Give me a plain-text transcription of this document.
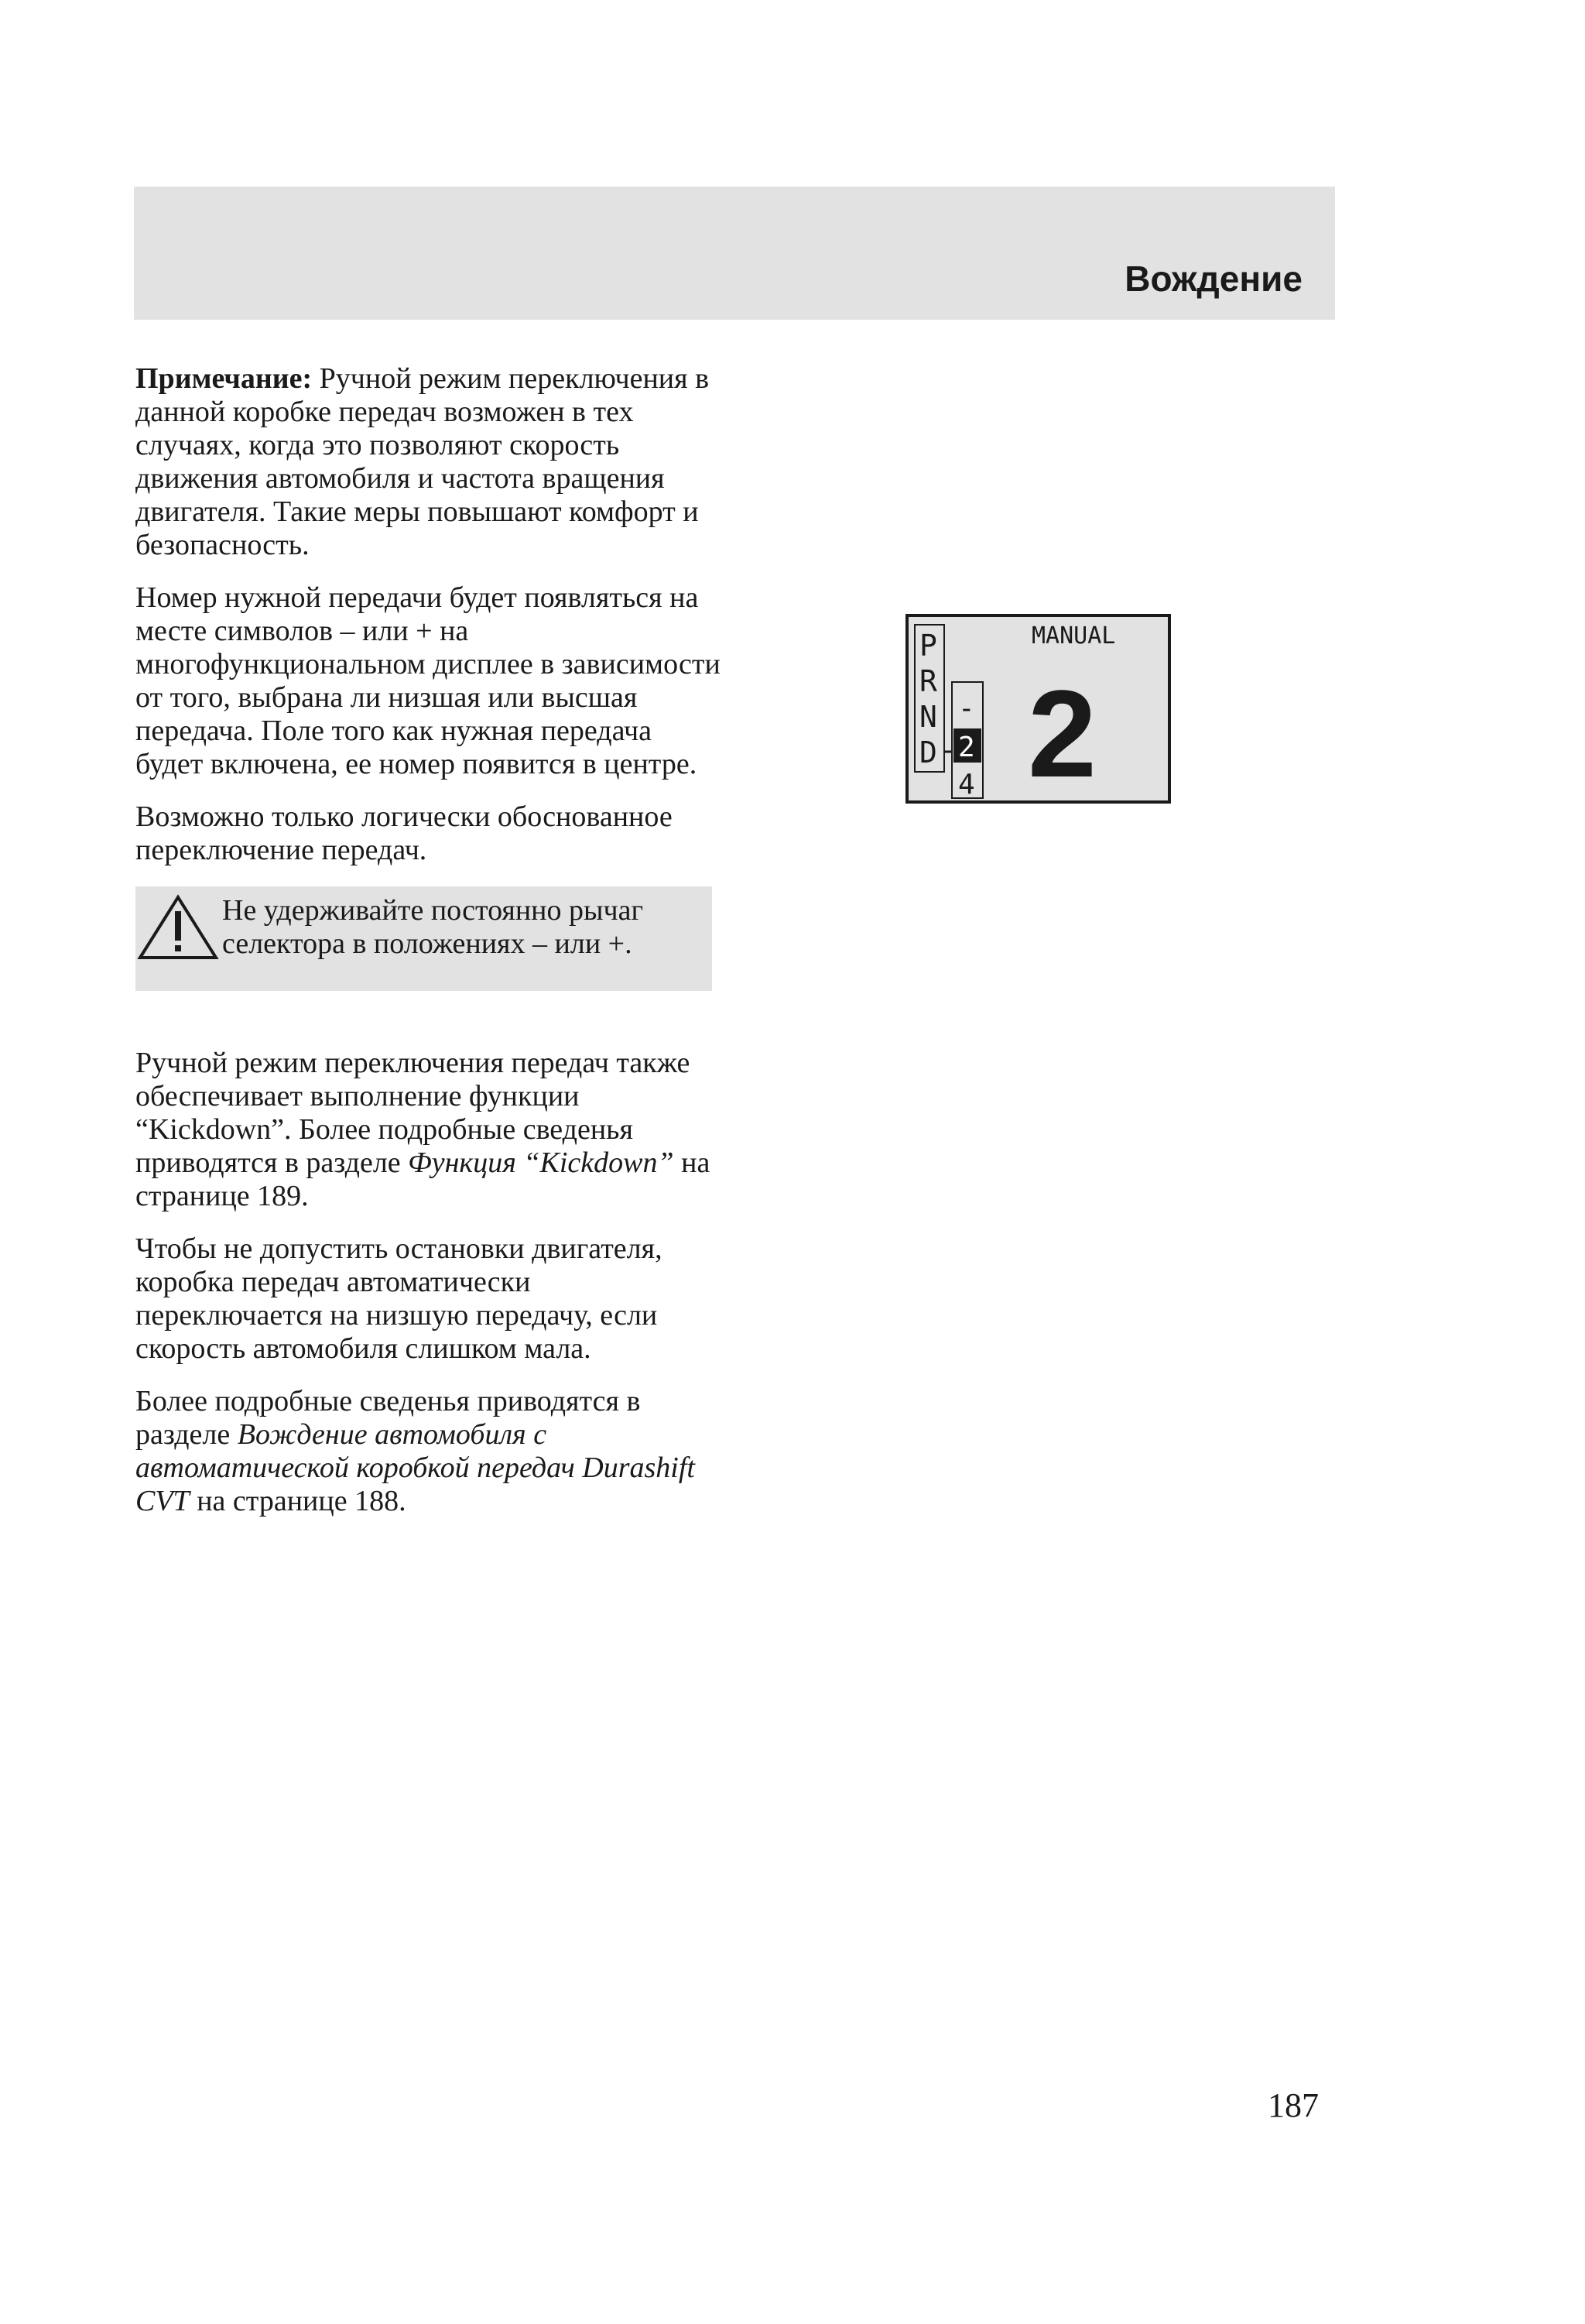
Вождение

Примечание: Ручной режим переключения в данной коробке передач возможен в тех случаях, когда это позволяют скорость движения автомобиля и частота вращения двигателя. Такие меры повышают комфорт и безопасность.

Номер нужной передачи будет появляться на месте символов – или + на многофункциональном дисплее в зависимости от того, выбрана ли низшая или высшая передача. Поле того как нужная передача будет включена, ее номер появится в центре.

Возможно только логически обоснованное переключение передач.

Не удерживайте постоянно рычаг селектора в положениях – или +.

Ручной режим переключения передач также обеспечивает выполнение функции “Kickdown”. Более подробные сведенья приводятся в разделе Функция “Kickdown” на странице 189.

Чтобы не допустить остановки двигателя, коробка передач автоматически переключается на низшую передачу, если скорость автомобиля слишком мала.

Более подробные сведенья приводятся в разделе Вождение автомобиля с автоматической коробкой передач Durashift CVT на странице 188.

P
R
N
D
-
2
4
MANUAL
2
187
